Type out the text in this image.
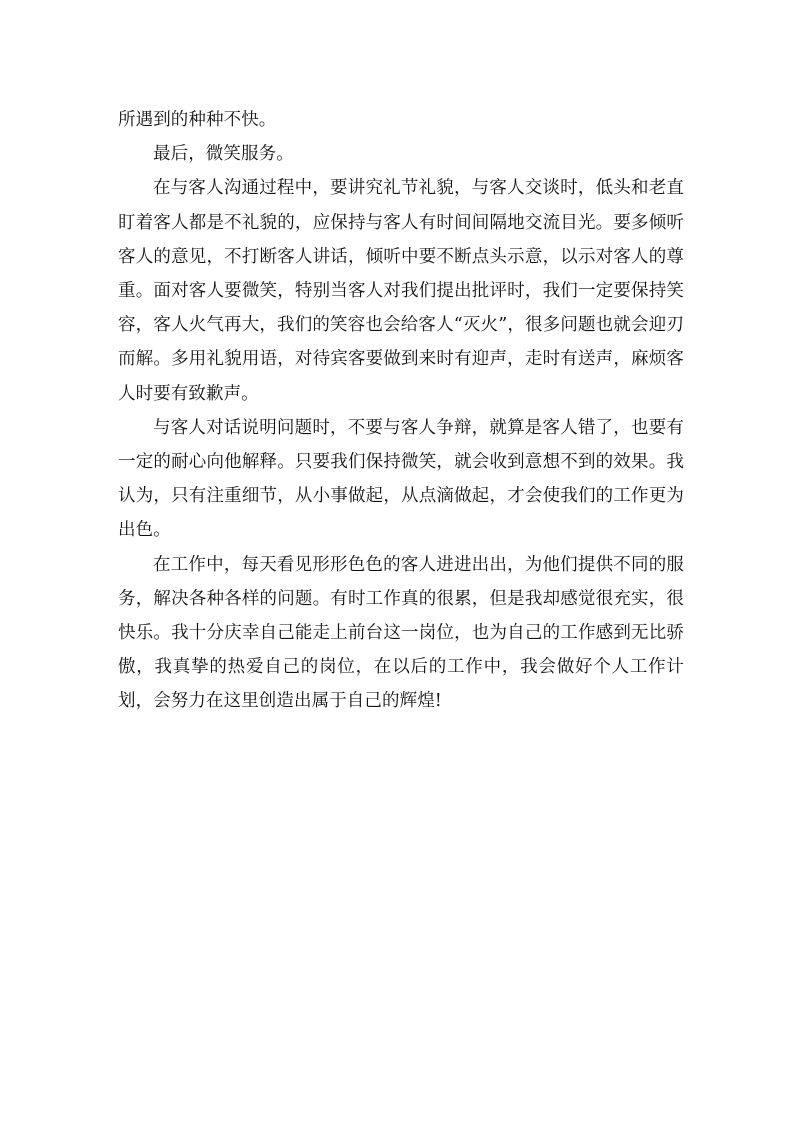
所遇到的种种不快。

最后，微笑服务。

在与客人沟通过程中，要讲究礼节礼貌，与客人交谈时，低头和老直盯着客人都是不礼貌的，应保持与客人有时间间隔地交流目光。要多倾听客人的意见，不打断客人讲话，倾听中要不断点头示意，以示对客人的尊重。面对客人要微笑，特别当客人对我们提出批评时，我们一定要保持笑容，客人火气再大，我们的笑容也会给客人“灭火”，很多问题也就会迎刃而解。多用礼貌用语，对待宾客要做到来时有迎声，走时有送声，麻烦客人时要有致歉声。

与客人对话说明问题时，不要与客人争辩，就算是客人错了，也要有一定的耐心向他解释。只要我们保持微笑，就会收到意想不到的效果。我认为，只有注重细节，从小事做起，从点滴做起，才会使我们的工作更为出色。

在工作中，每天看见形形色色的客人进进出出，为他们提供不同的服务，解决各种各样的问题。有时工作真的很累，但是我却感觉很充实，很快乐。我十分庆幸自己能走上前台这一岗位，也为自己的工作感到无比骄傲，我真挚的热爱自己的岗位，在以后的工作中，我会做好个人工作计划，会努力在这里创造出属于自己的辉煌!
